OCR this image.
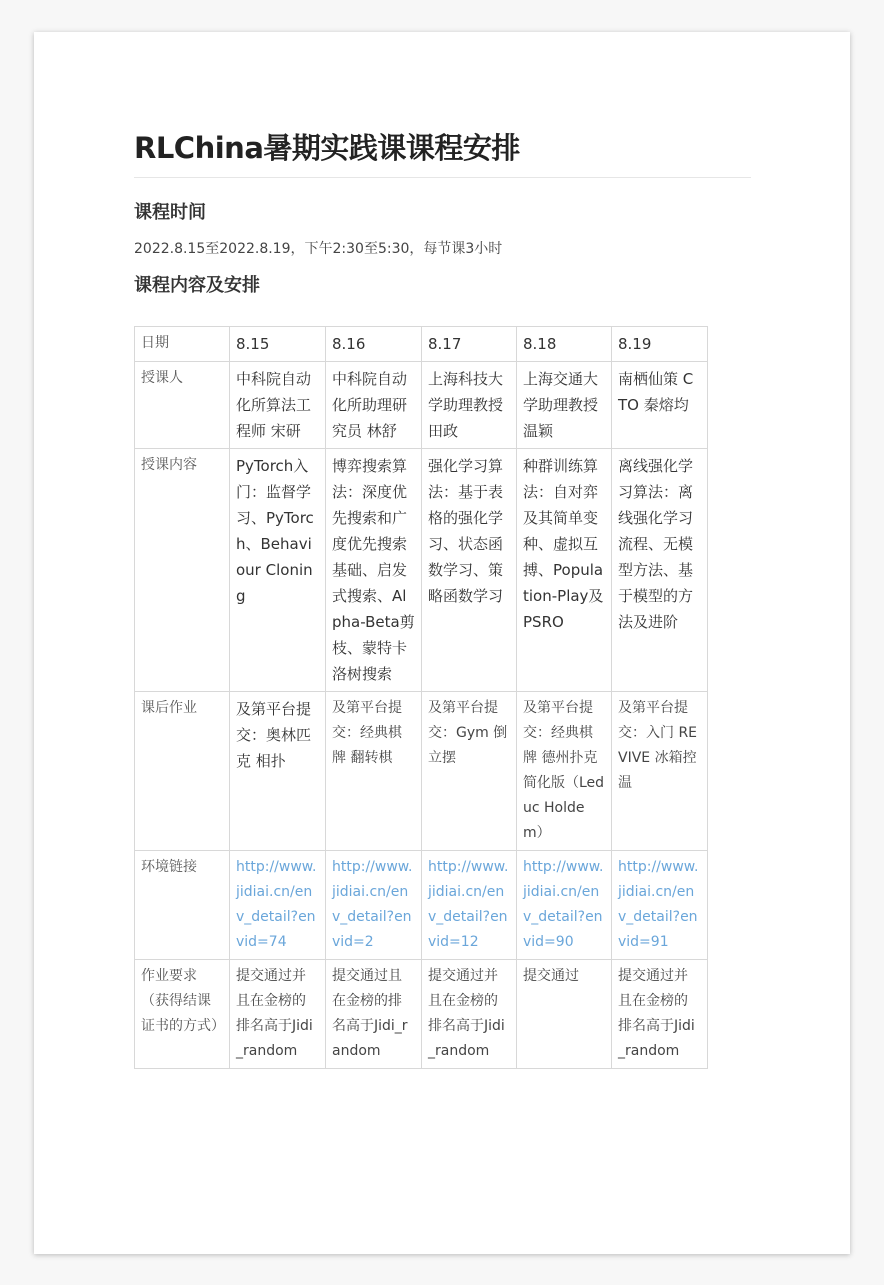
RLChina暑期实践课课程安排
课程时间
2022.8.15至2022.8.19，下午2:30至5:30，每节课3小时
课程内容及安排
日期	8.15	8.16	8.17	8.18	8.19
授课人	中科院自动化所算法工程师 宋研	中科院自动化所助理研究员 林舒	上海科技大学助理教授 田政	上海交通大学助理教授 温颖	南栖仙策 CTO 秦熔均
授课内容	PyTorch入门：监督学习、PyTorch、Behaviour Cloning	博弈搜索算法：深度优先搜索和广度优先搜索基础、启发式搜索、Alpha-Beta剪枝、蒙特卡洛树搜索	强化学习算法：基于表格的强化学习、状态函数学习、策略函数学习	种群训练算法：自对弈及其简单变种、虚拟互搏、Population-Play及PSRO	离线强化学习算法：离线强化学习流程、无模型方法、基于模型的方法及进阶
课后作业	及第平台提交：奥林匹克 相扑	及第平台提交：经典棋牌 翻转棋	及第平台提交：Gym 倒立摆	及第平台提交：经典棋牌 德州扑克 简化版（Leduc Holdem）	及第平台提交：入门 REVIVE 冰箱控温
环境链接	http://www.jidiai.cn/env_detail?envid=74	http://www.jidiai.cn/env_detail?envid=2	http://www.jidiai.cn/env_detail?envid=12	http://www.jidiai.cn/env_detail?envid=90	http://www.jidiai.cn/env_detail?envid=91
作业要求（获得结课证书的方式）	提交通过并且在金榜的排名高于Jidi_random	提交通过且在金榜的排名高于Jidi_random	提交通过并且在金榜的排名高于Jidi_random	提交通过	提交通过并且在金榜的排名高于Jidi_random
